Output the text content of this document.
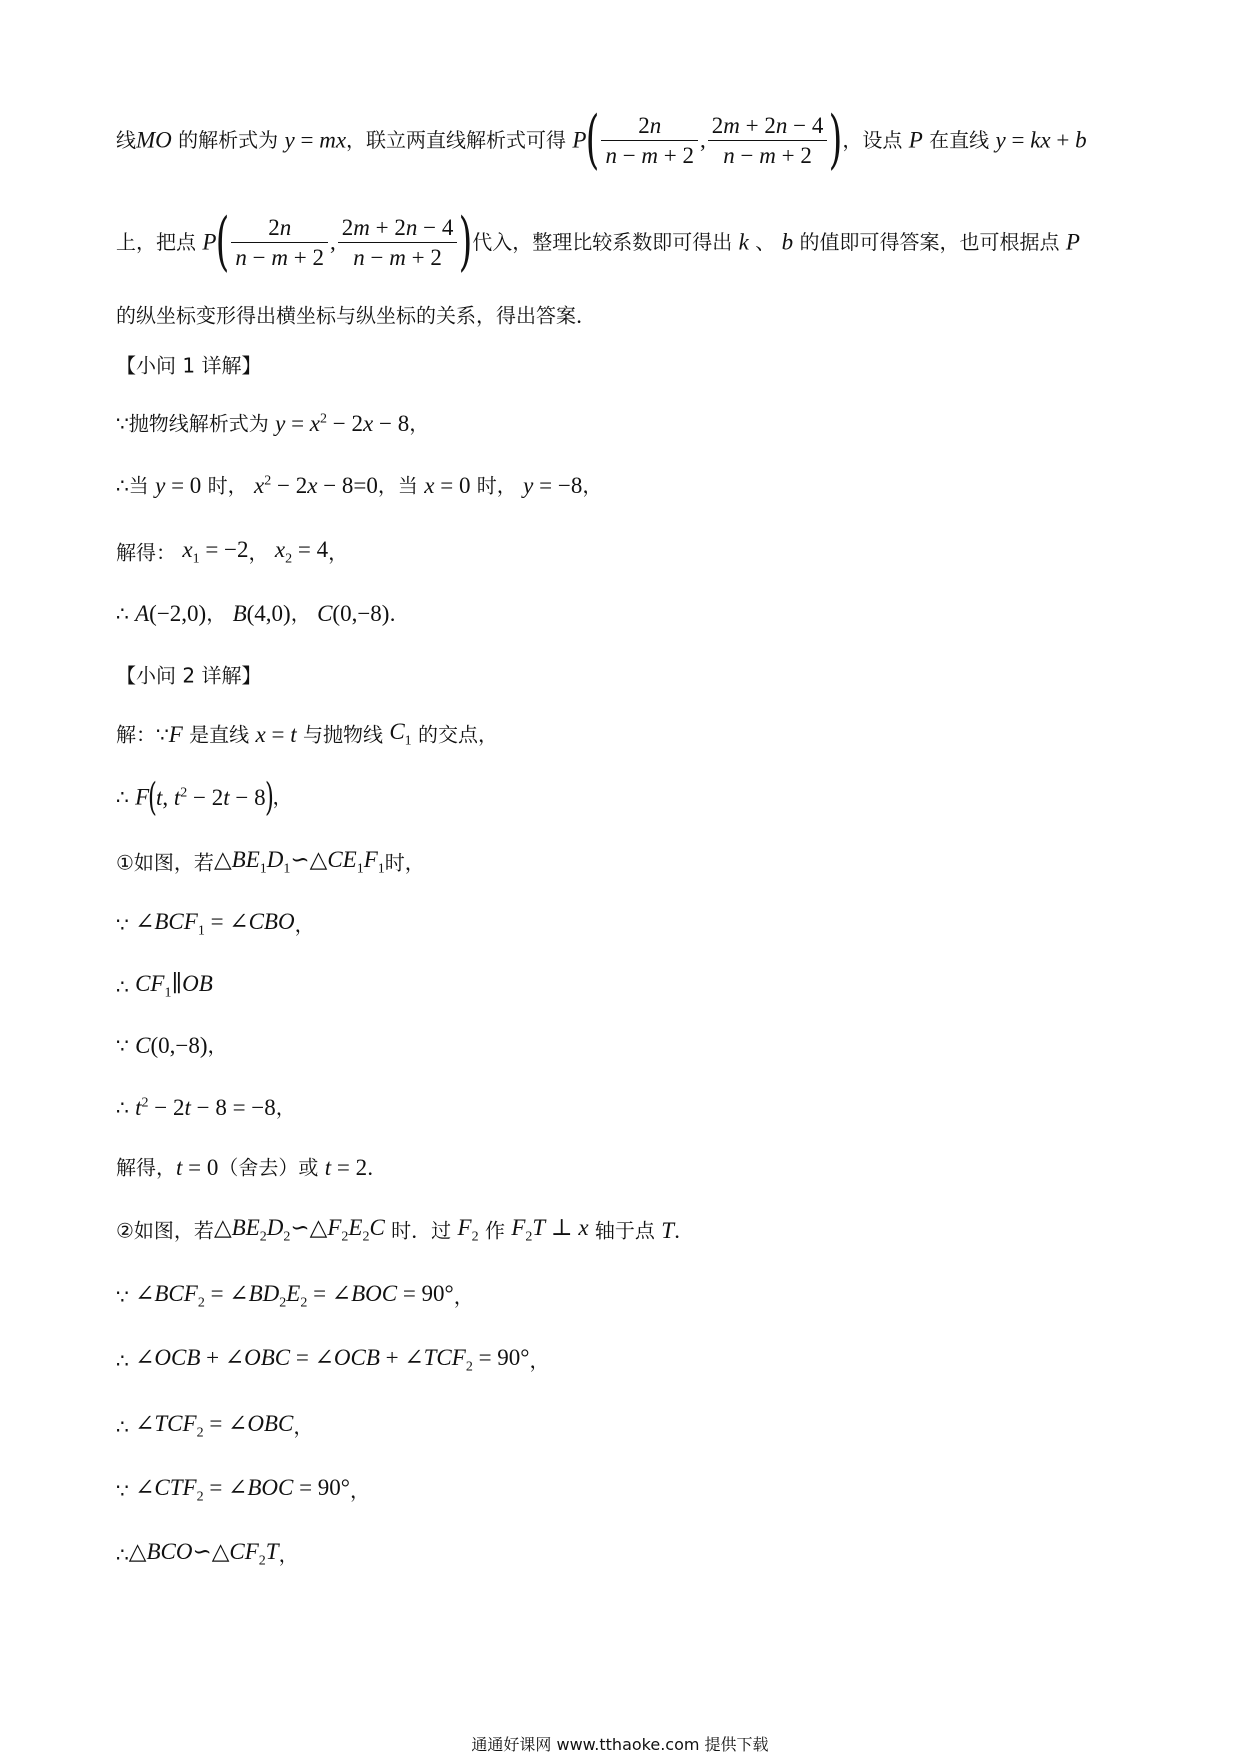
线MO 的解析式为 y = mx，联立两直线解析式可得 $P( \frac{2n}{n - m + 2}$ , $\frac{2m + 2n - 4}{n - m + 2}$ )，设点 P 在直线 y = kx + b
上，把点 $P( \frac{2n}{n - m + 2}$ , $\frac{2m + 2n - 4}{n - m + 2}$ )代入，整理比较系数即可得出 k 、 b 的值即可得答案，也可根据点 P
的纵坐标变形得出横坐标与纵坐标的关系，得出答案．
【小问 1 详解】
∵抛物线解析式为 $y = x^2 - 2x - 8$，
∴当 y = 0 时， $x^2 - 2x - 8=0$，当 x = 0 时， y = −8，
解得： $x_1 = -2$， $x_2 = 4$，
∴ A(−2,0)， B(4,0)， C(0,−8)．
【小问 2 详解】
解：∵F 是直线 x = t 与抛物线 $C_1$ 的交点，
∴ F(t, $t^2 - 2t - 8$)，
①如图，若$\triangle BE_1D_1∽\triangle CE_1F_1$时，
∵ $\angle BCF_1$ = ∠CBO，
∴ $CF_1\parallel OB$
∵ C(0,−8)，
∴ $t^2 - 2t - 8 = -8$，
解得，t = 0（舍去）或 t = 2．
②如图，若$\triangle BE_2D_2∽\triangle F_2E_2C$ 时．过 $F_2$ 作 $F_2T$ ⊥ x 轴于点 T．
∵ $\angle BCF_2$ = $\angle BD_2E_2$ = ∠BOC = 90°，
∴ ∠OCB + ∠OBC = ∠OCB + $\angle TCF_2 = 90^\circ$，
∴ $\angle TCF_2$ = ∠OBC，
∵ $\angle CTF_2$ = ∠BOC = 90°，
$\therefore\triangle BCO∽\triangle CF_2T$，
通通好课网 www.tthaoke.com 提供下载
